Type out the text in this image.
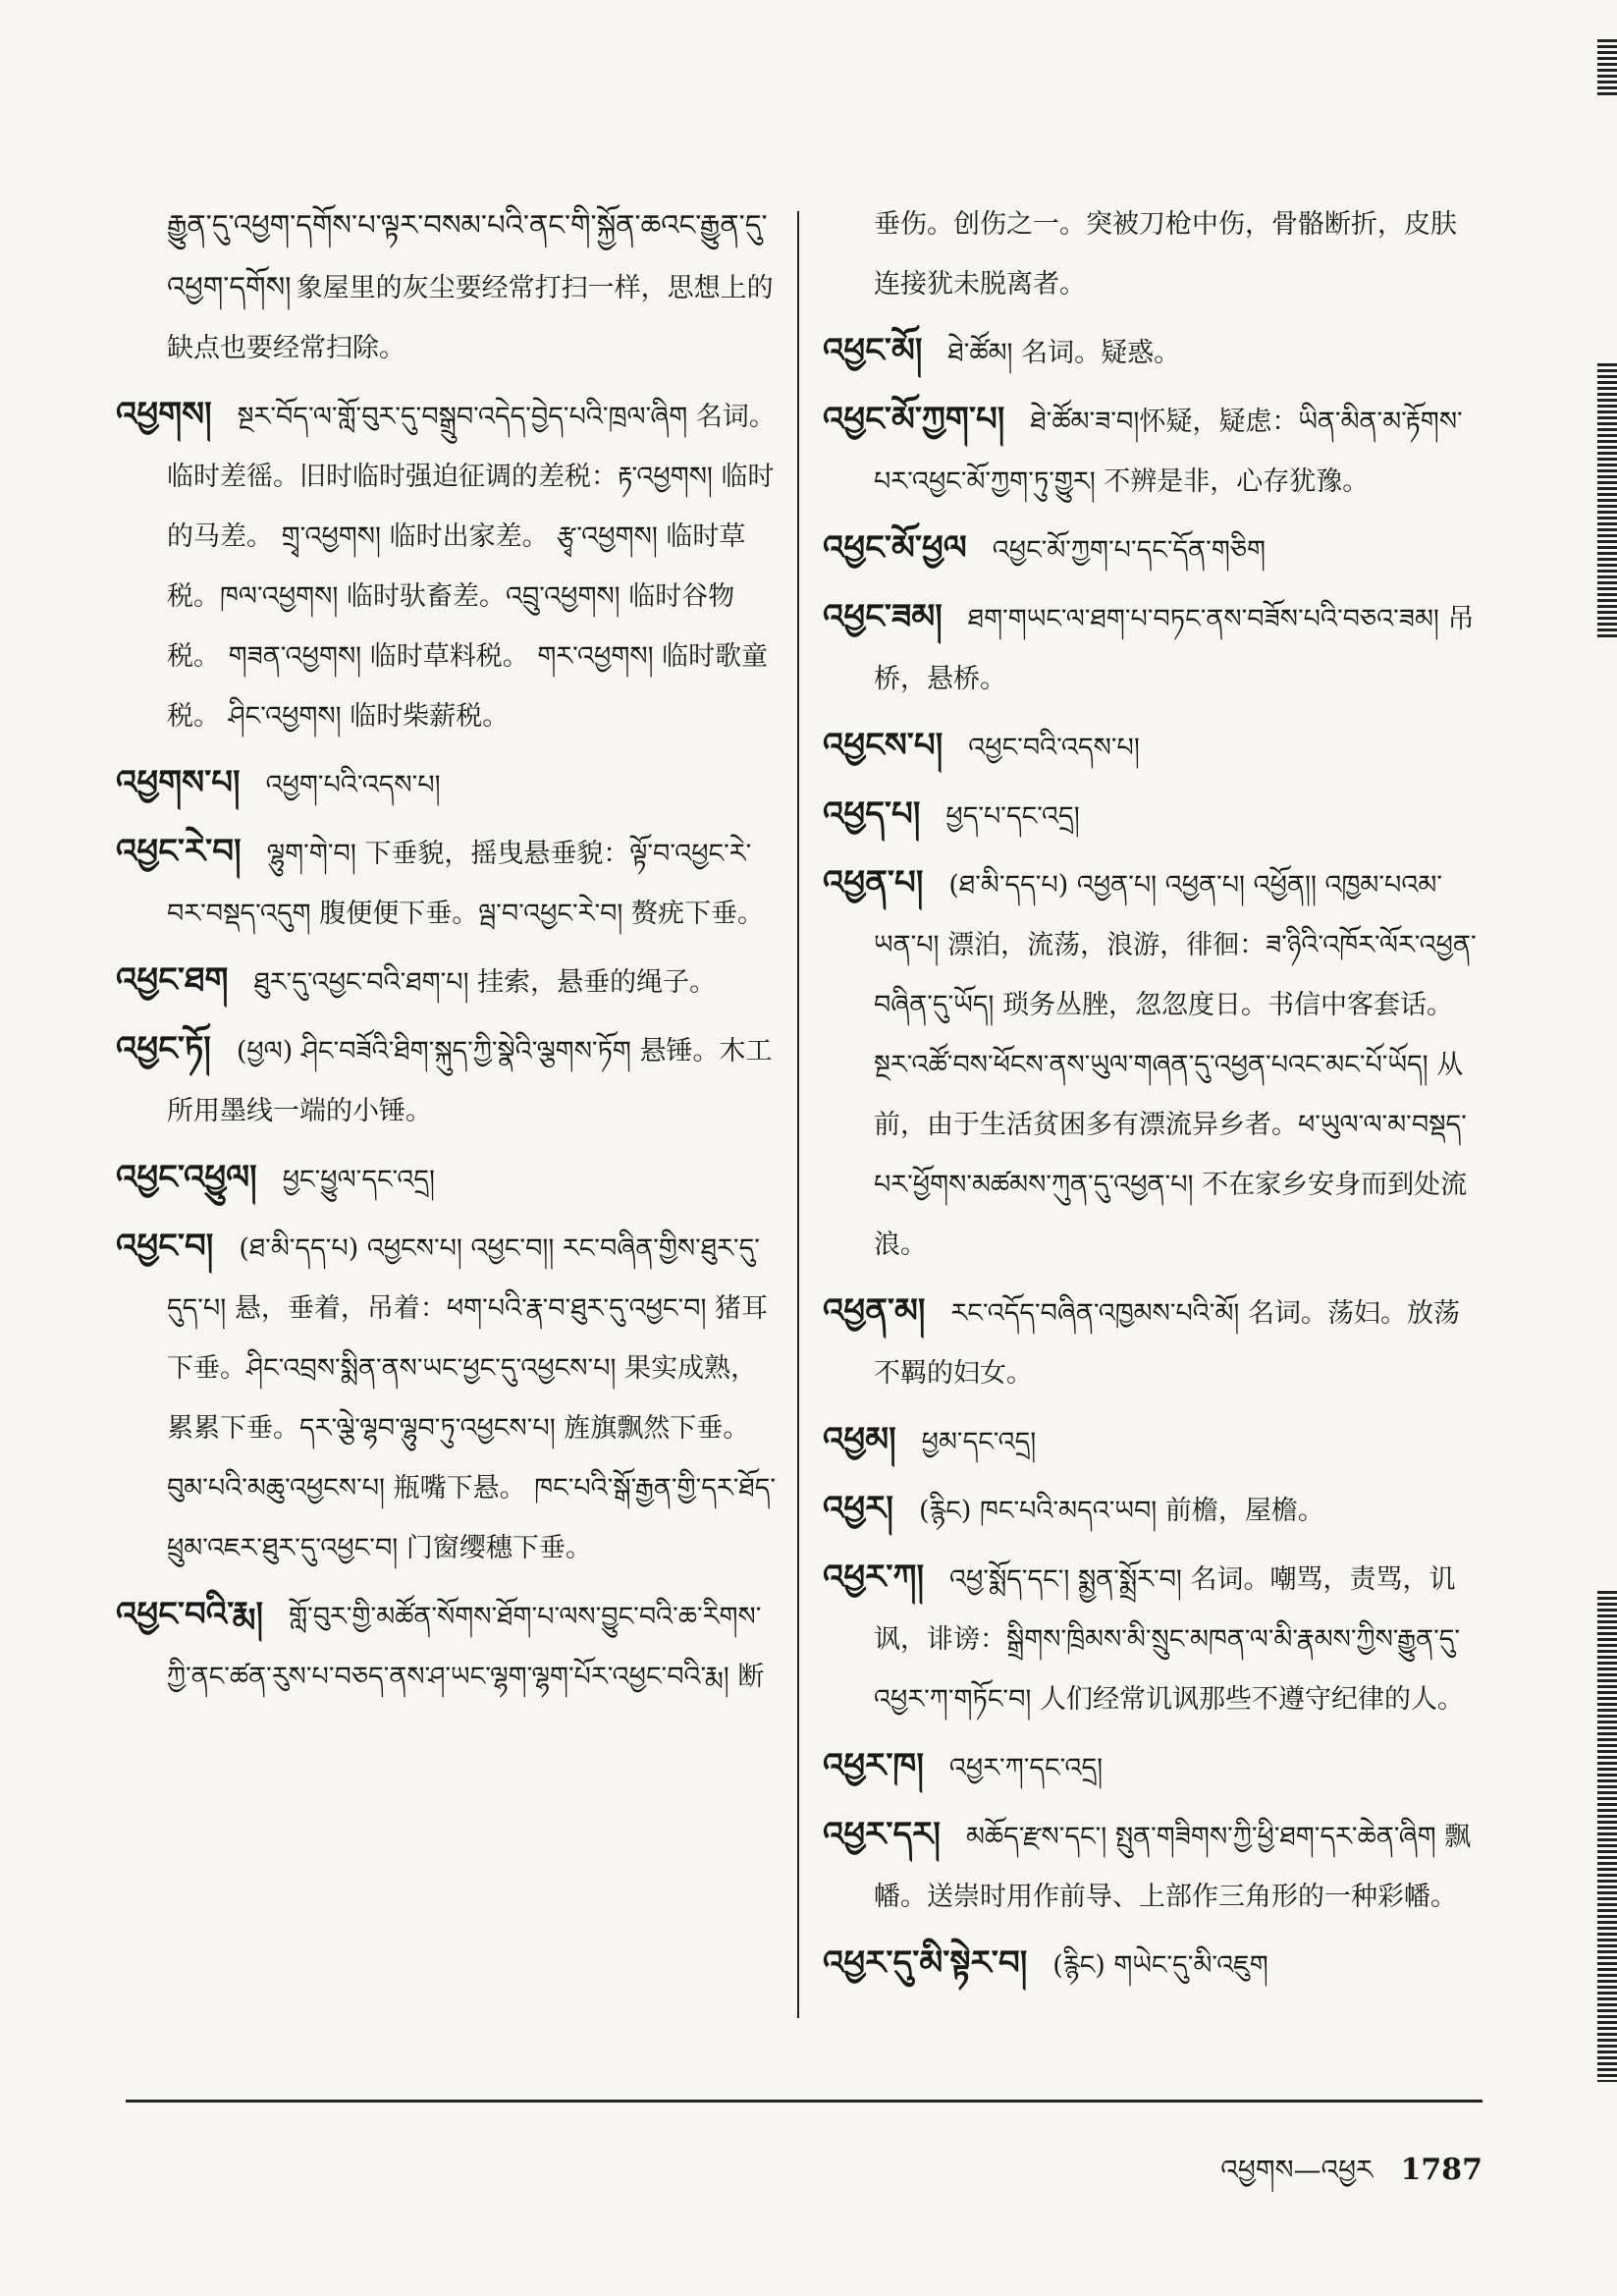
རྒྱུན་དུ་འཕྱག་དགོས་པ་ལྟར་བསམ་པའི་ནང་གི་སྐྱོན་ཆའང་རྒྱུན་དུ་འཕྱག་དགོས། 象屋里的灰尘要经常打扫一样，思想上的缺点也要经常扫除。
འཕྱགས། སྔར་བོད་ལ་གློ་བུར་དུ་བསྒྲུབ་འདེད་བྱེད་པའི་ཁྲལ་ཞིག 名词。临时差徭。旧时临时强迫征调的差税：རྟ་འཕྱགས། 临时的马差。 གྲྭ་འཕྱགས། 临时出家差。 རྩྭ་འཕྱགས། 临时草税。ཁལ་འཕྱགས། 临时驮畜差。འབྲུ་འཕྱགས། 临时谷物税。 གཟན་འཕྱགས། 临时草料税。 གར་འཕྱགས། 临时歌童税。 ཤིང་འཕྱགས། 临时柴薪税。
འཕྱགས་པ། འཕྱག་པའི་འདས་པ།
འཕྱང་རེ་བ། ལྷུག་གེ་བ། 下垂貌，摇曳悬垂貌：ལྟོ་བ་འཕྱང་རེ་བར་བསྡད་འདུག 腹便便下垂。ལྦ་བ་འཕྱང་རེ་བ། 赘疣下垂。
འཕྱང་ཐག ཐུར་དུ་འཕྱང་བའི་ཐག་པ། 挂索，悬垂的绳子。
འཕྱང་ཏོ། (ཕྱལ) ཤིང་བཟོའི་ཐིག་སྐུད་ཀྱི་སྣེའི་ལྕགས་ཏོག 悬锤。木工所用墨线一端的小锤。
འཕྱང་འཕྱུལ། ཕྱང་ཕྱུལ་དང་འདྲ།
འཕྱང་བ། (ཐ་མི་དད་པ) འཕྱངས་པ། འཕྱང་བ།། རང་བཞིན་གྱིས་ཐུར་དུ་དུད་པ། 悬，垂着，吊着：ཕག་པའི་རྣ་བ་ཐུར་དུ་འཕྱང་བ། 猪耳下垂。ཤིང་འབྲས་སྨིན་ནས་ཡང་ཕྱང་དུ་འཕྱངས་པ། 果实成熟，累累下垂。དར་ལྕེ་ལྷབ་ལྷུབ་ཏུ་འཕྱངས་པ། 旌旗飘然下垂。 བུམ་པའི་མཆུ་འཕྱངས་པ། 瓶嘴下悬。 ཁང་པའི་སྒོ་རྒྱན་གྱི་དར་ཐོད་ཕྲུམ་འཇར་ཐུར་དུ་འཕྱང་བ། 门窗缨穗下垂。
འཕྱང་བའི་རྨ། གློ་བུར་གྱི་མཚོན་སོགས་ཐོག་པ་ལས་བྱུང་བའི་ཆ་རིགས་ཀྱི་ནང་ཚན་རུས་པ་བཅད་ནས་ཤ་ཡང་ལྷག་ལྷག་པོར་འཕྱང་བའི་རྨ། 断
垂伤。创伤之一。突被刀枪中伤，骨骼断折，皮肤连接犹未脱离者。
འཕྱང་མོ། ཐེ་ཚོམ། 名词。疑惑。
འཕྱང་མོ་ཀྱག་པ། ཐེ་ཚོམ་ཟ་བ།怀疑，疑虑：ཡིན་མིན་མ་རྟོགས་པར་འཕྱང་མོ་ཀྱག་ཏུ་གྱུར། 不辨是非，心存犹豫。
འཕྱང་མོ་ཕྱལ འཕྱང་མོ་ཀྱག་པ་དང་དོན་གཅིག
འཕྱང་ཟམ། ཐག་གཡང་ལ་ཐག་པ་བཏང་ནས་བཟོས་པའི་བཅའ་ཟམ། 吊桥，悬桥。
འཕྱངས་པ། འཕྱང་བའི་འདས་པ།
འཕྱད་པ། ཕྱད་པ་དང་འདྲ།
འཕྱན་པ། (ཐ་མི་དད་པ) འཕྱན་པ། འཕྱན་པ། འཕྱོན།། འཁྱམ་པའམ་ཡན་པ། 漂泊，流荡，浪游，徘徊：ཟ་ཉིའི་འཁོར་ལོར་འཕྱན་བཞིན་དུ་ཡོད། 琐务丛脞，忽忽度日。书信中客套话。སྔར་འཚོ་བས་ཕོངས་ནས་ཡུལ་གཞན་དུ་འཕྱན་པའང་མང་པོ་ཡོད། 从前，由于生活贫困多有漂流异乡者。ཕ་ཡུལ་ལ་མ་བསྡད་པར་ཕྱོགས་མཚམས་ཀུན་དུ་འཕྱན་པ། 不在家乡安身而到处流浪。
འཕྱན་མ། རང་འདོད་བཞིན་འཁྱམས་པའི་མོ། 名词。荡妇。放荡不羁的妇女。
འཕྱམ། ཕྱམ་དང་འདྲ།
འཕྱར། (རྙིང) ཁང་པའི་མདའ་ཡབ། 前檐，屋檐。
འཕྱར་ཀ། འཕྱ་སྨོད་དང་། སྨྱན་སྨྲོར་བ། 名词。嘲骂，责骂，讥讽，诽谤：སྒྲིགས་ཁྲིམས་མི་སྲུང་མཁན་ལ་མི་རྣམས་ཀྱིས་རྒྱུན་དུ་འཕྱར་ཀ་གཏོང་བ། 人们经常讥讽那些不遵守纪律的人。
འཕྱར་ཁ། འཕྱར་ཀ་དང་འདྲ།
འཕྱར་དར། མཆོད་རྫས་དང་། སྤུན་གཟིགས་ཀྱི་ཕྱི་ཐག་དར་ཆེན་ཞིག 飘幡。送崇时用作前导、上部作三角形的一种彩幡。
འཕྱར་དུ་མི་སྟེར་བ། (རྙིང) གཡེང་དུ་མི་འཇུག
འཕྱགས—འཕྱར 1787
